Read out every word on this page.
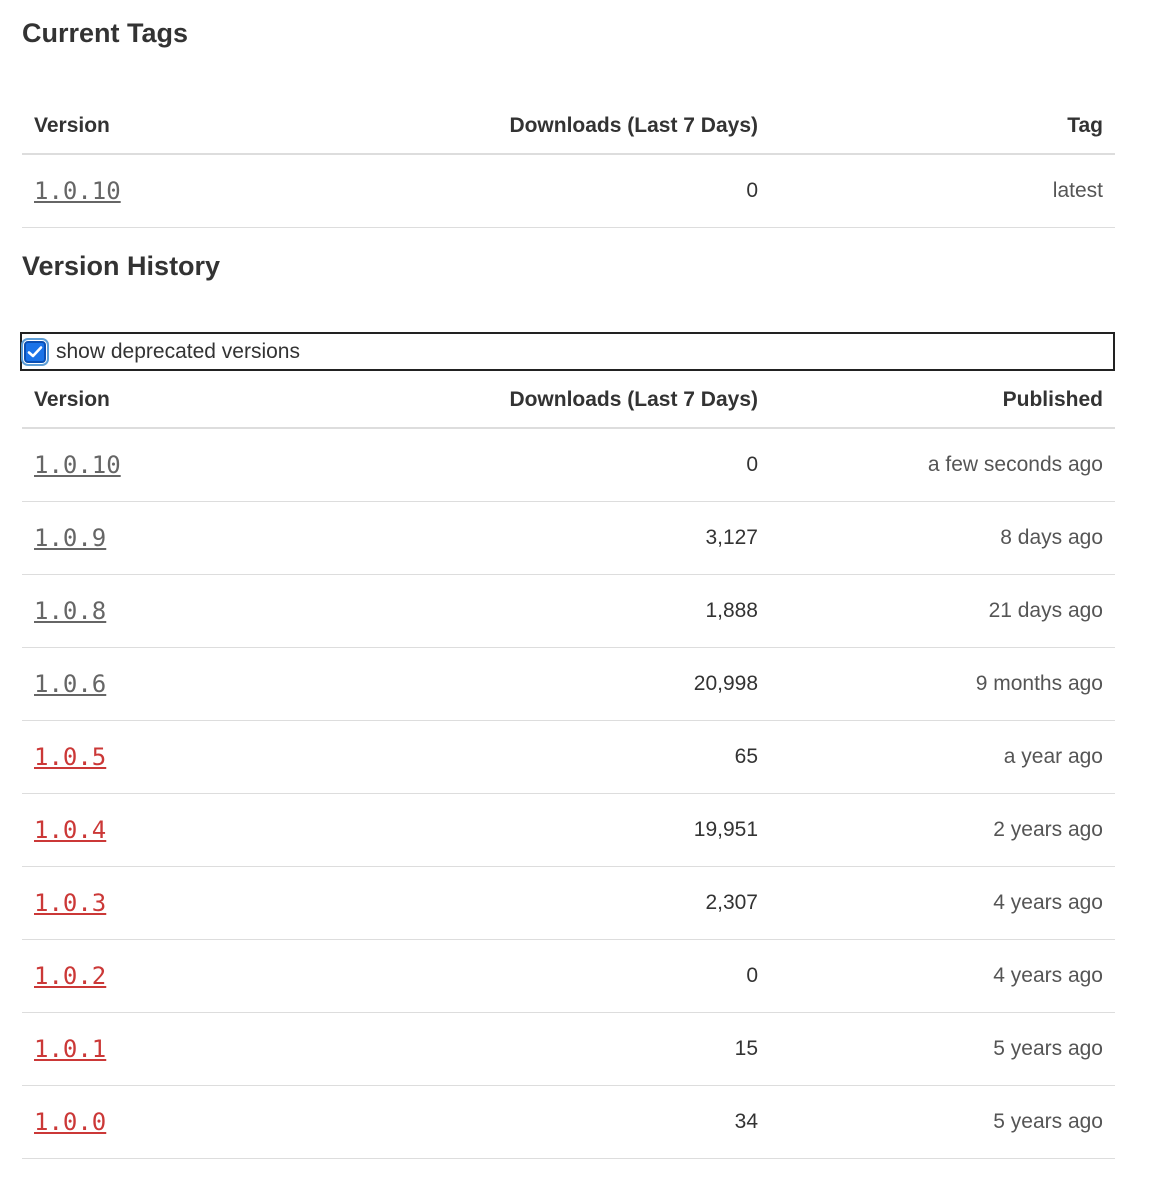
Current Tags
Version	Downloads (Last 7 Days)	Tag
1.0.10	0	latest
Version History
show deprecated versions
Version	Downloads (Last 7 Days)	Published
1.0.10	0	a few seconds ago
1.0.9	3,127	8 days ago
1.0.8	1,888	21 days ago
1.0.6	20,998	9 months ago
1.0.5	65	a year ago
1.0.4	19,951	2 years ago
1.0.3	2,307	4 years ago
1.0.2	0	4 years ago
1.0.1	15	5 years ago
1.0.0	34	5 years ago
